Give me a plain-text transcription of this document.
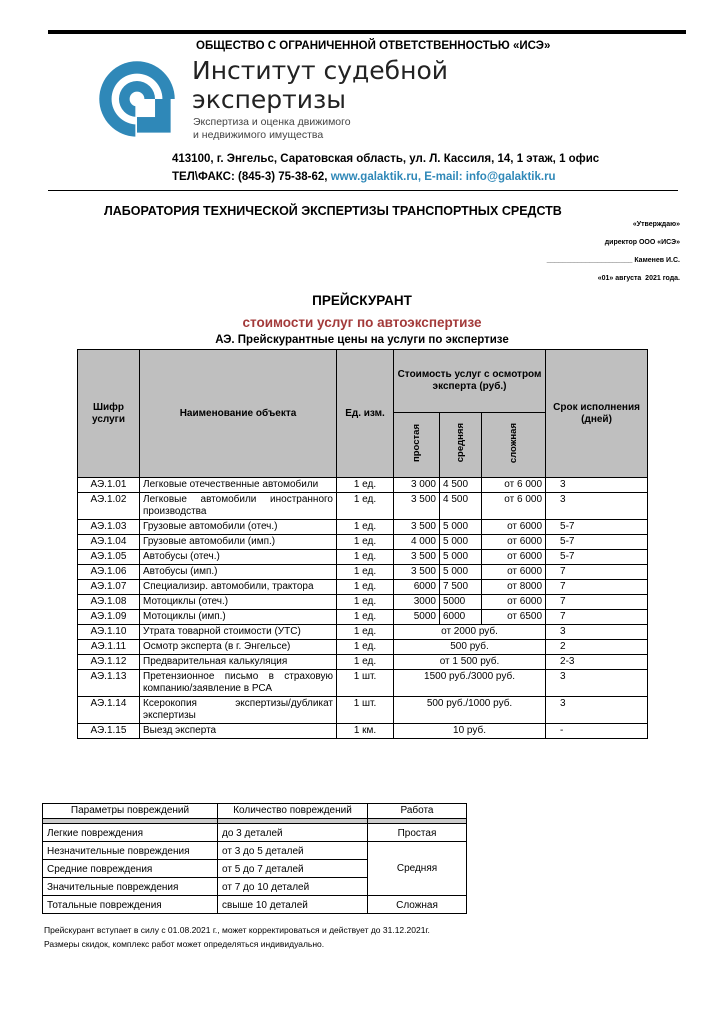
ОБЩЕСТВО С ОГРАНИЧЕННОЙ ОТВЕТСТВЕННОСТЬЮ «ИСЭ»
Институт судебной
экспертизы
Экспертиза и оценка движимого
и недвижимого имущества
413100, г. Энгельс, Саратовская область, ул. Л. Кассиля, 14, 1 этаж, 1 офис
ТЕЛ\ФАКС: (845-3) 75-38-62, www.galaktik.ru, E-mail: info@galaktik.ru
ЛАБОРАТОРИЯ ТЕХНИЧЕСКОЙ ЭКСПЕРТИЗЫ ТРАНСПОРТНЫХ СРЕДСТВ
«Утверждаю»
директор ООО «ИСЭ»
______________________ Каменев И.С.
«01» августа  2021 года.
ПРЕЙСКУРАНТ
стоимости услуг по автоэкспертизе
АЭ. Прейскурантные цены на услуги по экспертизе
Шифр услуги	Наименование объекта	Ед. изм.	Стоимость услуг с осмотром эксперта (руб.)			Срок исполнения (дней)
			простая	средняя	сложная	
АЭ.1.01	Легковые отечественные автомобили	1 ед.	3 000	4 500	от 6 000	3
АЭ.1.02	Легковые автомобили иностранного производства	1 ед.	3 500	4 500	от 6 000	3
АЭ.1.03	Грузовые автомобили (отеч.)	1 ед.	3 500	5 000	от 6000	5-7
АЭ.1.04	Грузовые автомобили (имп.)	1 ед.	4 000	5 000	от 6000	5-7
АЭ.1.05	Автобусы (отеч.)	1 ед.	3 500	5 000	от 6000	5-7
АЭ.1.06	Автобусы (имп.)	1 ед.	3 500	5 000	от 6000	7
АЭ.1.07	Специализир. автомобили, трактора	1 ед.	6000	7 500	от 8000	7
АЭ.1.08	Мотоциклы (отеч.)	1 ед.	3000	5000	от 6000	7
АЭ.1.09	Мотоциклы (имп.)	1 ед.	5000	6000	от 6500	7
АЭ.1.10	Утрата товарной стоимости (УТС)	1 ед.	от 2000 руб.			3
АЭ.1.11	Осмотр эксперта (в г. Энгельсе)	1 ед.	500 руб.			2
АЭ.1.12	Предварительная калькуляция	1 ед.	от 1 500 руб.			2-3
АЭ.1.13	Претензионное письмо в страховую компанию/заявление в РСА	1 шт.	1500 руб./3000 руб.			3
АЭ.1.14	Ксерокопия экспертизы/дубликат экспертизы	1 шт.	500 руб./1000 руб.			3
АЭ.1.15	Выезд эксперта	1 км.	10 руб.			-
Параметры повреждений	Количество повреждений	Работа

Легкие повреждения	до 3 деталей	Простая
Незначительные повреждения	от 3 до 5 деталей	Средняя
Средние повреждения	от 5 до 7 деталей	
Значительные повреждения	от 7 до 10 деталей	
Тотальные повреждения	свыше 10 деталей	Сложная
Прейскурант вступает в силу с 01.08.2021 г., может корректироваться и действует до 31.12.2021г.
Размеры скидок, комплекс работ может определяться индивидуально.
